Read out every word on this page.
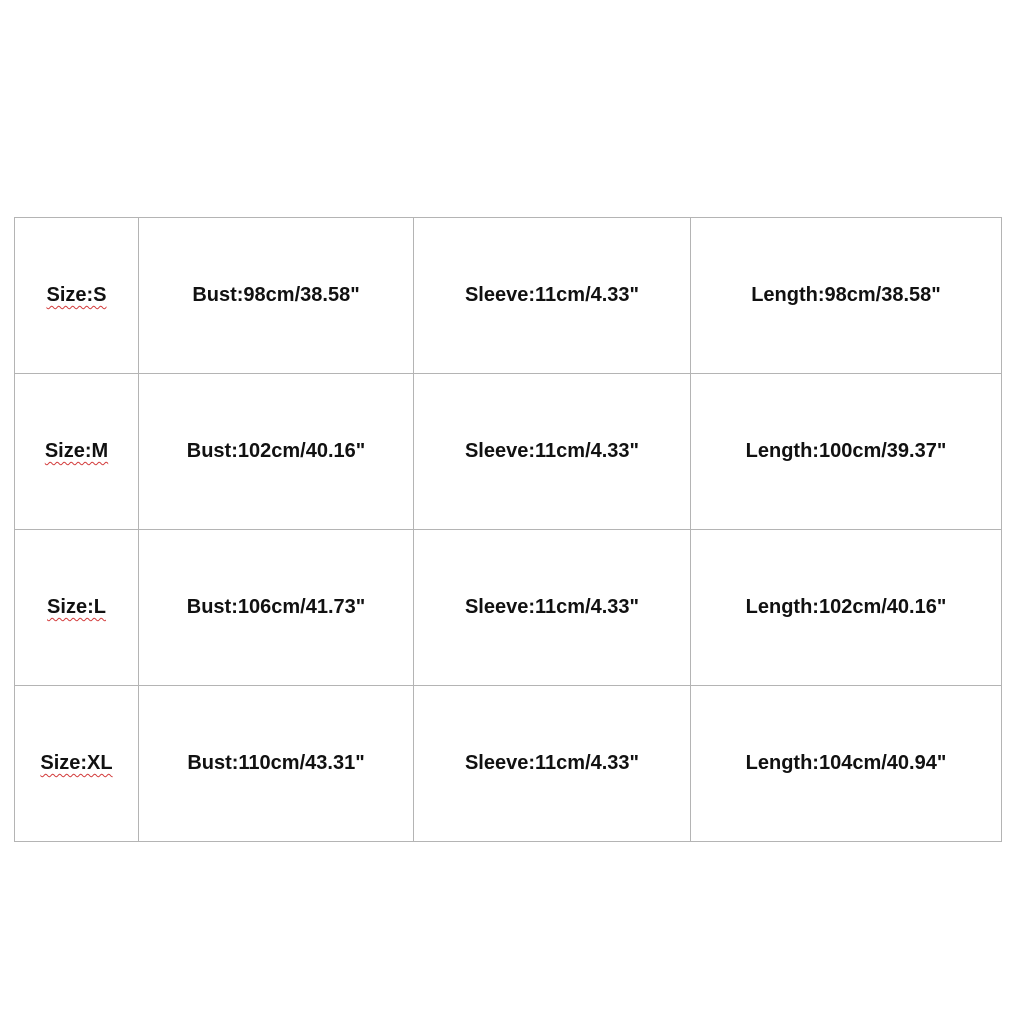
Size:S	Bust:98cm/38.58"	Sleeve:11cm/4.33"	Length:98cm/38.58"
Size:M	Bust:102cm/40.16"	Sleeve:11cm/4.33"	Length:100cm/39.37"
Size:L	Bust:106cm/41.73"	Sleeve:11cm/4.33"	Length:102cm/40.16"
Size:XL	Bust:110cm/43.31"	Sleeve:11cm/4.33"	Length:104cm/40.94"
